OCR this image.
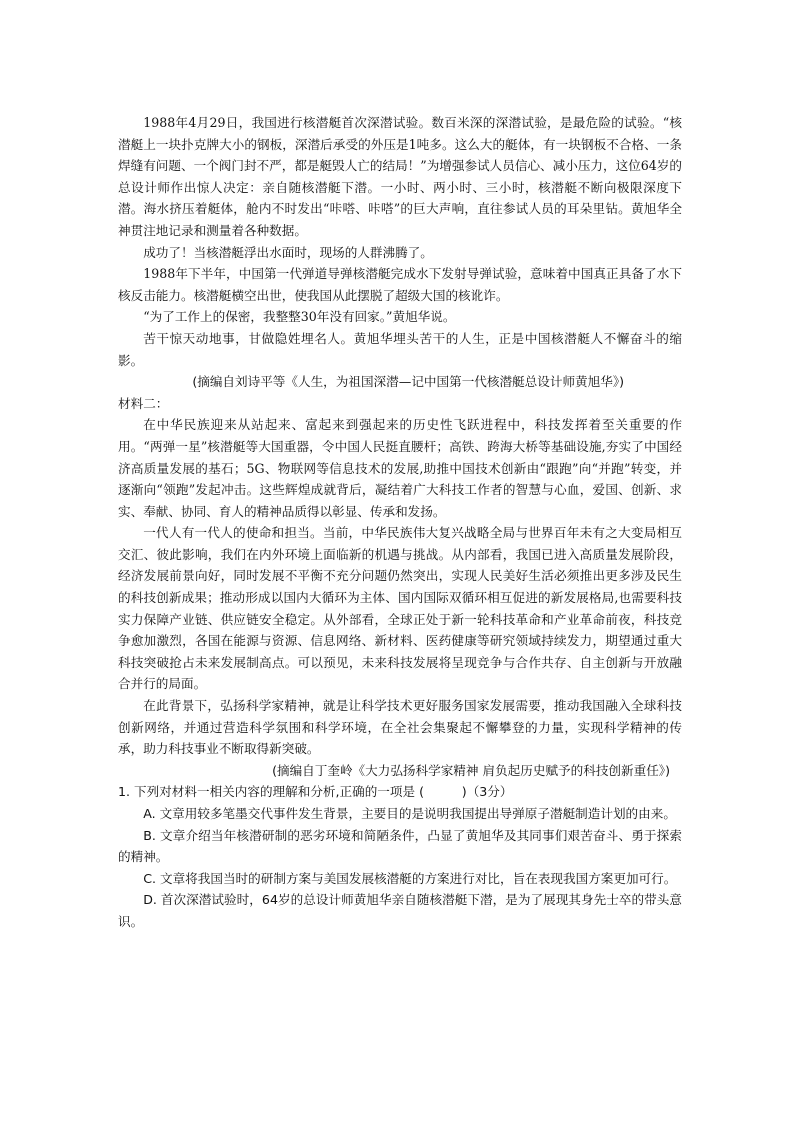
1988年4月29日，我国进行核潜艇首次深潜试验。数百米深的深潜试验，是最危险的试验。“核潜艇上一块扑克牌大小的钢板，深潜后承受的外压是1吨多。这么大的艇体，有一块钢板不合格、一条焊缝有问题、一个阀门封不严，都是艇毁人亡的结局！”为增强参试人员信心、减小压力，这位64岁的总设计师作出惊人决定：亲自随核潜艇下潜。一小时、两小时、三小时，核潜艇不断向极限深度下潜。海水挤压着艇体，舱内不时发出“咔嗒、咔嗒”的巨大声响，直往参试人员的耳朵里钻。黄旭华全神贯注地记录和测量着各种数据。

成功了！当核潜艇浮出水面时，现场的人群沸腾了。

1988年下半年，中国第一代弹道导弹核潜艇完成水下发射导弹试验，意味着中国真正具备了水下核反击能力。核潜艇横空出世，使我国从此摆脱了超级大国的核讹诈。

“为了工作上的保密，我整整30年没有回家。”黄旭华说。

苦干惊天动地事，甘做隐姓埋名人。黄旭华埋头苦干的人生，正是中国核潜艇人不懈奋斗的缩影。

(摘编自刘诗平等《人生，为祖国深潜—记中国第一代核潜艇总设计师黄旭华》)

材料二：

在中华民族迎来从站起来、富起来到强起来的历史性飞跃进程中，科技发挥着至关重要的作用。“两弹一星”核潜艇等大国重器，令中国人民挺直腰杆；高铁、跨海大桥等基础设施,夯实了中国经济高质量发展的基石；5G、物联网等信息技术的发展,助推中国技术创新由“跟跑”向“并跑”转变，并逐渐向“领跑”发起冲击。这些辉煌成就背后，凝结着广大科技工作者的智慧与心血，爱国、创新、求实、奉献、协同、育人的精神品质得以彰显、传承和发扬。

一代人有一代人的使命和担当。当前，中华民族伟大复兴战略全局与世界百年未有之大变局相互交汇、彼此影响，我们在内外环境上面临新的机遇与挑战。从内部看，我国已进入高质量发展阶段，经济发展前景向好，同时发展不平衡不充分问题仍然突出，实现人民美好生活必须推出更多涉及民生的科技创新成果；推动形成以国内大循环为主体、国内国际双循环相互促进的新发展格局,也需要科技实力保障产业链、供应链安全稳定。从外部看，全球正处于新一轮科技革命和产业革命前夜，科技竞争愈加激烈，各国在能源与资源、信息网络、新材料、医药健康等研究领域持续发力，期望通过重大科技突破抢占未来发展制高点。可以预见，未来科技发展将呈现竞争与合作共存、自主创新与开放融合并行的局面。

在此背景下，弘扬科学家精神，就是让科学技术更好服务国家发展需要，推动我国融入全球科技创新网络，并通过营造科学氛围和科学环境，在全社会集聚起不懈攀登的力量，实现科学精神的传承，助力科技事业不断取得新突破。

(摘编自丁奎岭《大力弘扬科学家精神 肩负起历史赋予的科技创新重任》)

1. 下列对材料一相关内容的理解和分析,正确的一项是 (　　　)（3分）

A. 文章用较多笔墨交代事件发生背景，主要目的是说明我国提出导弹原子潜艇制造计划的由来。

B. 文章介绍当年核潜研制的恶劣环境和简陋条件，凸显了黄旭华及其同事们艰苦奋斗、勇于探索的精神。

C. 文章将我国当时的研制方案与美国发展核潜艇的方案进行对比，旨在表现我国方案更加可行。

D. 首次深潜试验时，64岁的总设计师黄旭华亲自随核潜艇下潜，是为了展现其身先士卒的带头意识。
